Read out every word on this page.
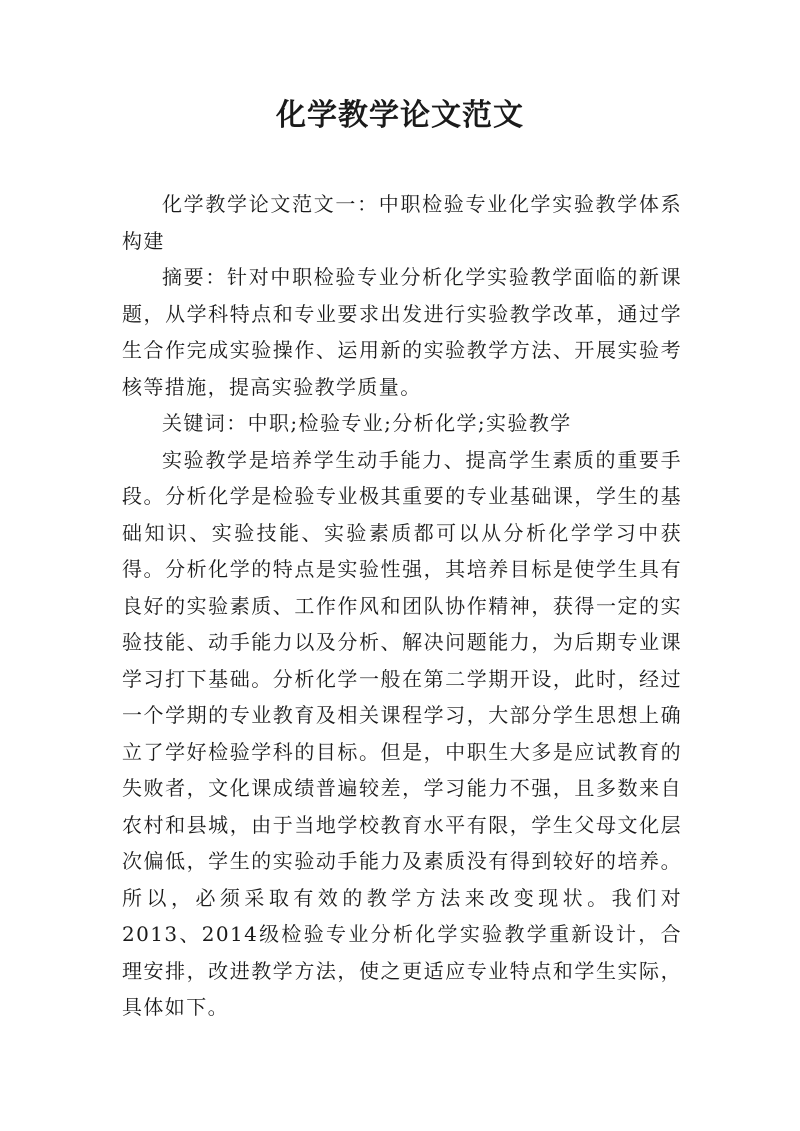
化学教学论文范文

化学教学论文范文一：中职检验专业化学实验教学体系构建

摘要：针对中职检验专业分析化学实验教学面临的新课题，从学科特点和专业要求出发进行实验教学改革，通过学生合作完成实验操作、运用新的实验教学方法、开展实验考核等措施，提高实验教学质量。

关键词：中职;检验专业;分析化学;实验教学

实验教学是培养学生动手能力、提高学生素质的重要手段。分析化学是检验专业极其重要的专业基础课，学生的基础知识、实验技能、实验素质都可以从分析化学学习中获得。分析化学的特点是实验性强，其培养目标是使学生具有良好的实验素质、工作作风和团队协作精神，获得一定的实验技能、动手能力以及分析、解决问题能力，为后期专业课学习打下基础。分析化学一般在第二学期开设，此时，经过一个学期的专业教育及相关课程学习，大部分学生思想上确立了学好检验学科的目标。但是，中职生大多是应试教育的失败者，文化课成绩普遍较差，学习能力不强，且多数来自农村和县城，由于当地学校教育水平有限，学生父母文化层次偏低，学生的实验动手能力及素质没有得到较好的培养。所以，必须采取有效的教学方法来改变现状。我们对2013、2014级检验专业分析化学实验教学重新设计，合理安排，改进教学方法，使之更适应专业特点和学生实际，具体如下。
